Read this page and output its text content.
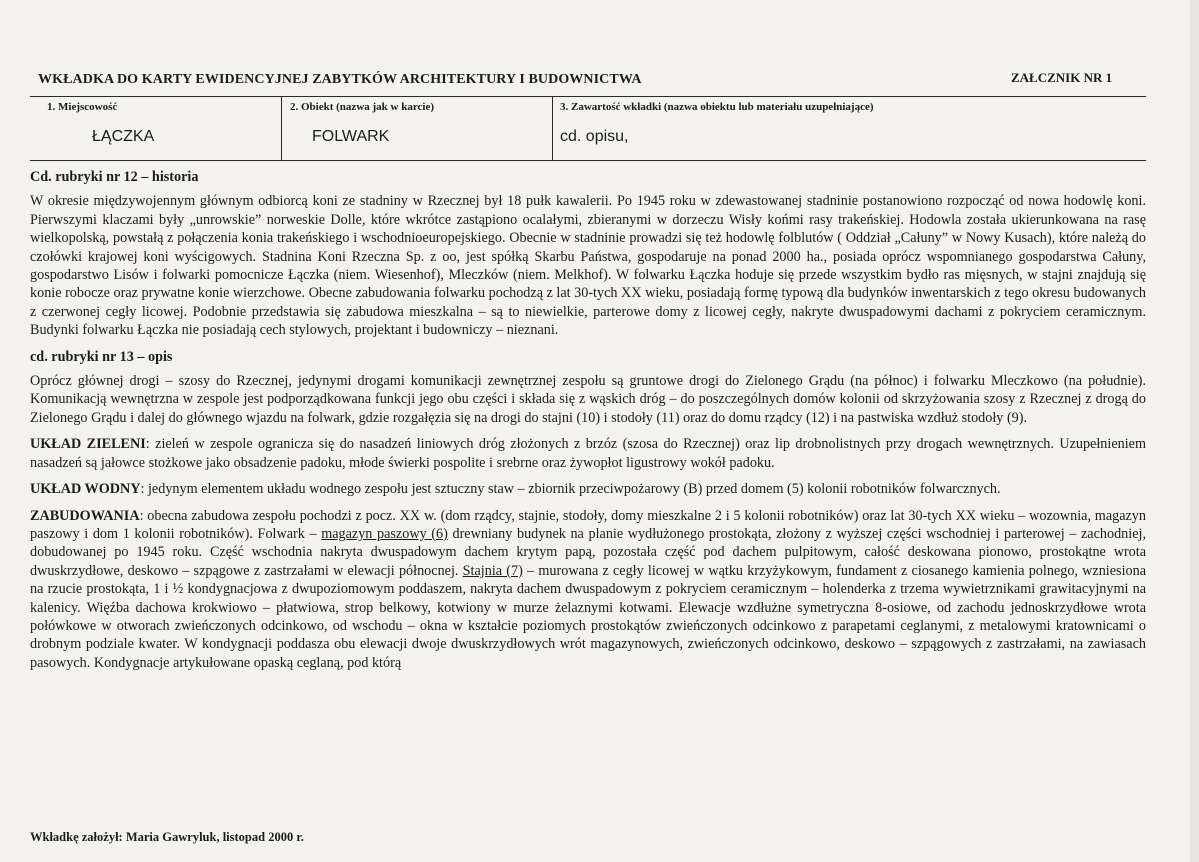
WKŁADKA DO KARTY EWIDENCYJNEJ ZABYTKÓW ARCHITEKTURY I BUDOWNICTWA	ZAŁCZNIK NR 1
1. Miejscowość
ŁĄCZKA
2. Obiekt (nazwa jak w karcie)
FOLWARK
3. Zawartość wkładki (nazwa obiektu lub materiału uzupełniające)
cd. opisu,
Cd. rubryki nr 12 – historia

W okresie międzywojennym głównym odbiorcą koni ze stadniny w Rzecznej był 18 pułk kawalerii. Po 1945 roku w zdewastowanej stadninie postanowiono rozpocząć od nowa hodowlę koni. Pierwszymi klaczami były „unrowskie” norweskie Dolle, które wkrótce zastąpiono ocalałymi, zbieranymi w dorzeczu Wisły końmi rasy trakeńskiej. Hodowla została ukierunkowana na rasę wielkopolską, powstałą z połączenia konia trakeńskiego i wschodnioeuropejskiego. Obecnie w stadninie prowadzi się też hodowlę folblutów ( Oddział „Całuny” w Nowy Kusach), które należą do czołówki krajowej koni wyścigowych. Stadnina Koni Rzeczna Sp. z oo, jest spółką Skarbu Państwa, gospodaruje na ponad 2000 ha., posiada oprócz wspomnianego gospodarstwa Całuny, gospodarstwo Lisów i folwarki pomocnicze Łączka (niem. Wiesenhof), Mleczków (niem. Melkhof). W folwarku Łączka hoduje się przede wszystkim bydło ras mięsnych, w stajni znajdują się konie robocze oraz prywatne konie wierzchowe. Obecne zabudowania folwarku pochodzą z lat 30-tych XX wieku, posiadają formę typową dla budynków inwentarskich z tego okresu budowanych z czerwonej cegły licowej. Podobnie przedstawia się zabudowa mieszkalna – są to niewielkie, parterowe domy z licowej cegły, nakryte dwuspadowymi dachami z pokryciem ceramicznym. Budynki folwarku Łączka nie posiadają cech stylowych, projektant i budowniczy – nieznani.

cd. rubryki nr 13 – opis

Oprócz głównej drogi – szosy do Rzecznej, jedynymi drogami komunikacji zewnętrznej zespołu są gruntowe drogi do Zielonego Grądu (na północ) i folwarku Mleczkowo (na południe). Komunikacją wewnętrzna w zespole jest podporządkowana funkcji jego obu części i składa się z wąskich dróg – do poszczególnych domów kolonii od skrzyżowania szosy z Rzecznej z drogą do Zielonego Grądu i dalej do głównego wjazdu na folwark, gdzie rozgałęzia się na drogi do stajni (10) i stodoły (11) oraz do domu rządcy (12) i na pastwiska wzdłuż stodoły (9).

UKŁAD ZIELENI: zieleń w zespole ogranicza się do nasadzeń liniowych dróg złożonych z brzóz (szosa do Rzecznej) oraz lip drobnolistnych przy drogach wewnętrznych. Uzupełnieniem nasadzeń są jałowce stożkowe jako obsadzenie padoku, młode świerki pospolite i srebrne oraz żywopłot ligustrowy wokół padoku.

UKŁAD WODNY: jedynym elementem układu wodnego zespołu jest sztuczny staw – zbiornik przeciwpożarowy (B) przed domem (5) kolonii robotników folwarcznych.

ZABUDOWANIA: obecna zabudowa zespołu pochodzi z pocz. XX w. (dom rządcy, stajnie, stodoły, domy mieszkalne 2 i 5 kolonii robotników) oraz lat 30-tych XX wieku – wozownia, magazyn paszowy i dom 1 kolonii robotników). Folwark – magazyn paszowy (6) drewniany budynek na planie wydłużonego prostokąta, złożony z wyższej części wschodniej i parterowej – zachodniej, dobudowanej po 1945 roku. Część wschodnia nakryta dwuspadowym dachem krytym papą, pozostała część pod dachem pulpitowym, całość deskowana pionowo, prostokątne wrota dwuskrzydłowe, deskowo – szpągowe z zastrzałami w elewacji północnej. Stajnia (7) – murowana z cegły licowej w wątku krzyżykowym, fundament z ciosanego kamienia polnego, wzniesiona na rzucie prostokąta, 1 i ½ kondygnacjowa z dwupoziomowym poddaszem, nakryta dachem dwuspadowym z pokryciem ceramicznym – holenderka z trzema wywietrznikami grawitacyjnymi na kalenicy. Więźba dachowa krokwiowo – płatwiowa, strop belkowy, kotwiony w murze żelaznymi kotwami. Elewacje wzdłużne symetryczna 8-osiowe, od zachodu jednoskrzydłowe wrota połówkowe w otworach zwieńczonych odcinkowo, od wschodu – okna w kształcie poziomych prostokątów zwieńczonych odcinkowo z parapetami ceglanymi, z metalowymi kratownicami o drobnym podziale kwater. W kondygnacji poddasza obu elewacji dwoje dwuskrzydłowych wrót magazynowych, zwieńczonych odcinkowo, deskowo – szpągowych z zastrzałami, na zawiasach pasowych. Kondygnacje artykułowane opaską ceglaną, pod którą

Wkładkę założył: Maria Gawryluk, listopad 2000 r.
